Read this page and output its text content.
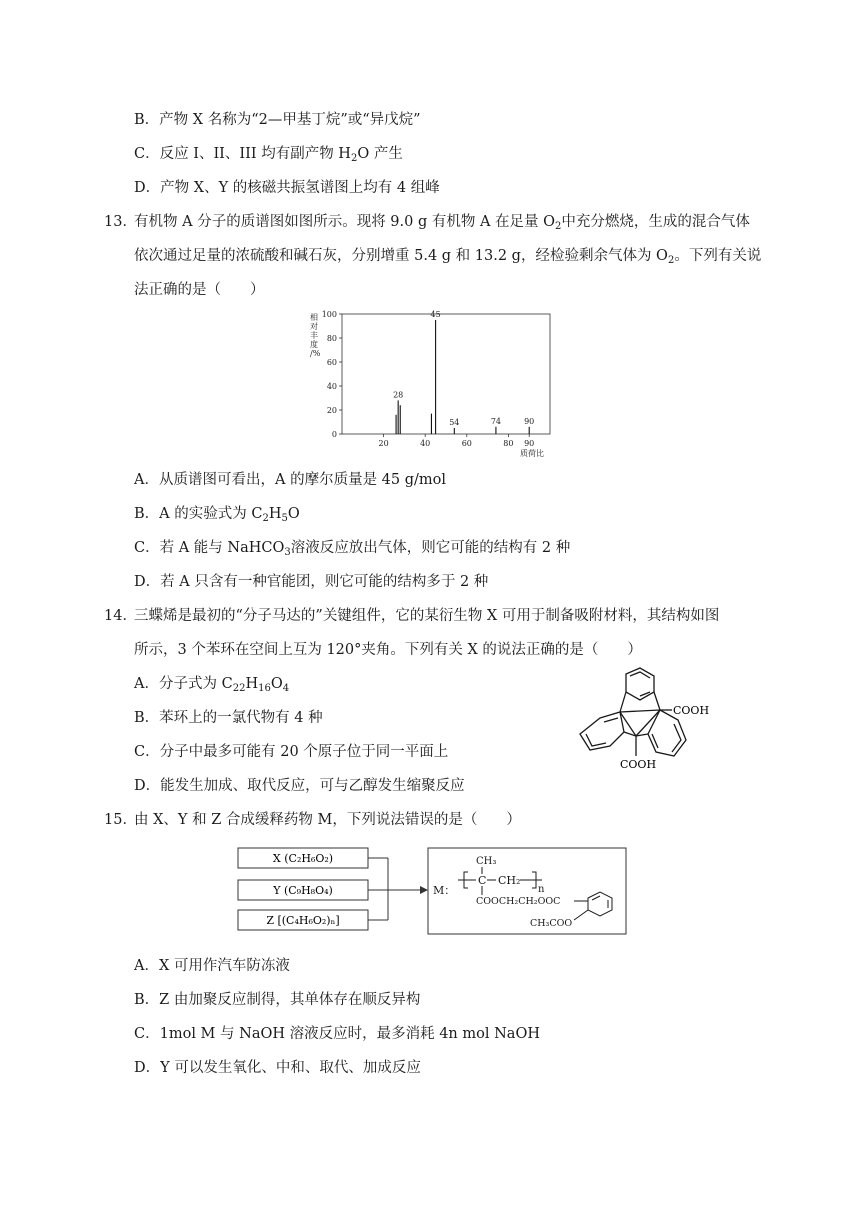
B．产物 X 名称为“2—甲基丁烷”或“异戊烷”
C．反应 I、II、III 均有副产物 $H_2O$ 产生
D．产物 X、Y 的核磁共振氢谱图上均有 4 组峰
13．
有机物 A 分子的质谱图如图所示。现将 9.0 g 有机物 A 在足量 $O_2$中充分燃烧，生成的混合气体
依次通过足量的浓硫酸和碱石灰，分别增重 5.4 g 和 13.2 g，经检验剩余气体为 $O_2$。下列有关说
法正确的是（　　）
相
对
丰
度
/%
0
20
40
60
80
100
20	40	60	80 90
28
45
54	74	90
质荷比
A．从质谱图可看出，A 的摩尔质量是 45 g/mol
B．A 的实验式为 $C_2H_5O$
C．若 A 能与 NaHCO$_3$溶液反应放出气体，则它可能的结构有 2 种
D．若 A 只含有一种官能团，则它可能的结构多于 2 种
14．
三蝶烯是最初的“分子马达的”关键组件，它的某衍生物 X 可用于制备吸附材料，其结构如图
所示，3 个苯环在空间上互为 120°夹角。下列有关 X 的说法正确的是（　　）
A．分子式为 $C_{22}H_{16}O_4$
B．苯环上的一氯代物有 4 种
C．分子中最多可能有 20 个原子位于同一平面上
D．能发生加成、取代反应，可与乙醇发生缩聚反应
COOH
COOH
15．
由 X、Y 和 Z 合成缓释药物 M，下列说法错误的是（　　）
X (C₂H₆O₂)
Y (C₉H₈O₄)
Z [(C₄H₆O₂)ₙ]
M：
CH₃
C CH₂
n
COOCH₂CH₂OOC
CH₃COO
A．X 可用作汽车防冻液
B．Z 由加聚反应制得，其单体存在顺反异构
C．1mol M 与 NaOH 溶液反应时，最多消耗 4n mol NaOH
D．Y 可以发生氧化、中和、取代、加成反应
